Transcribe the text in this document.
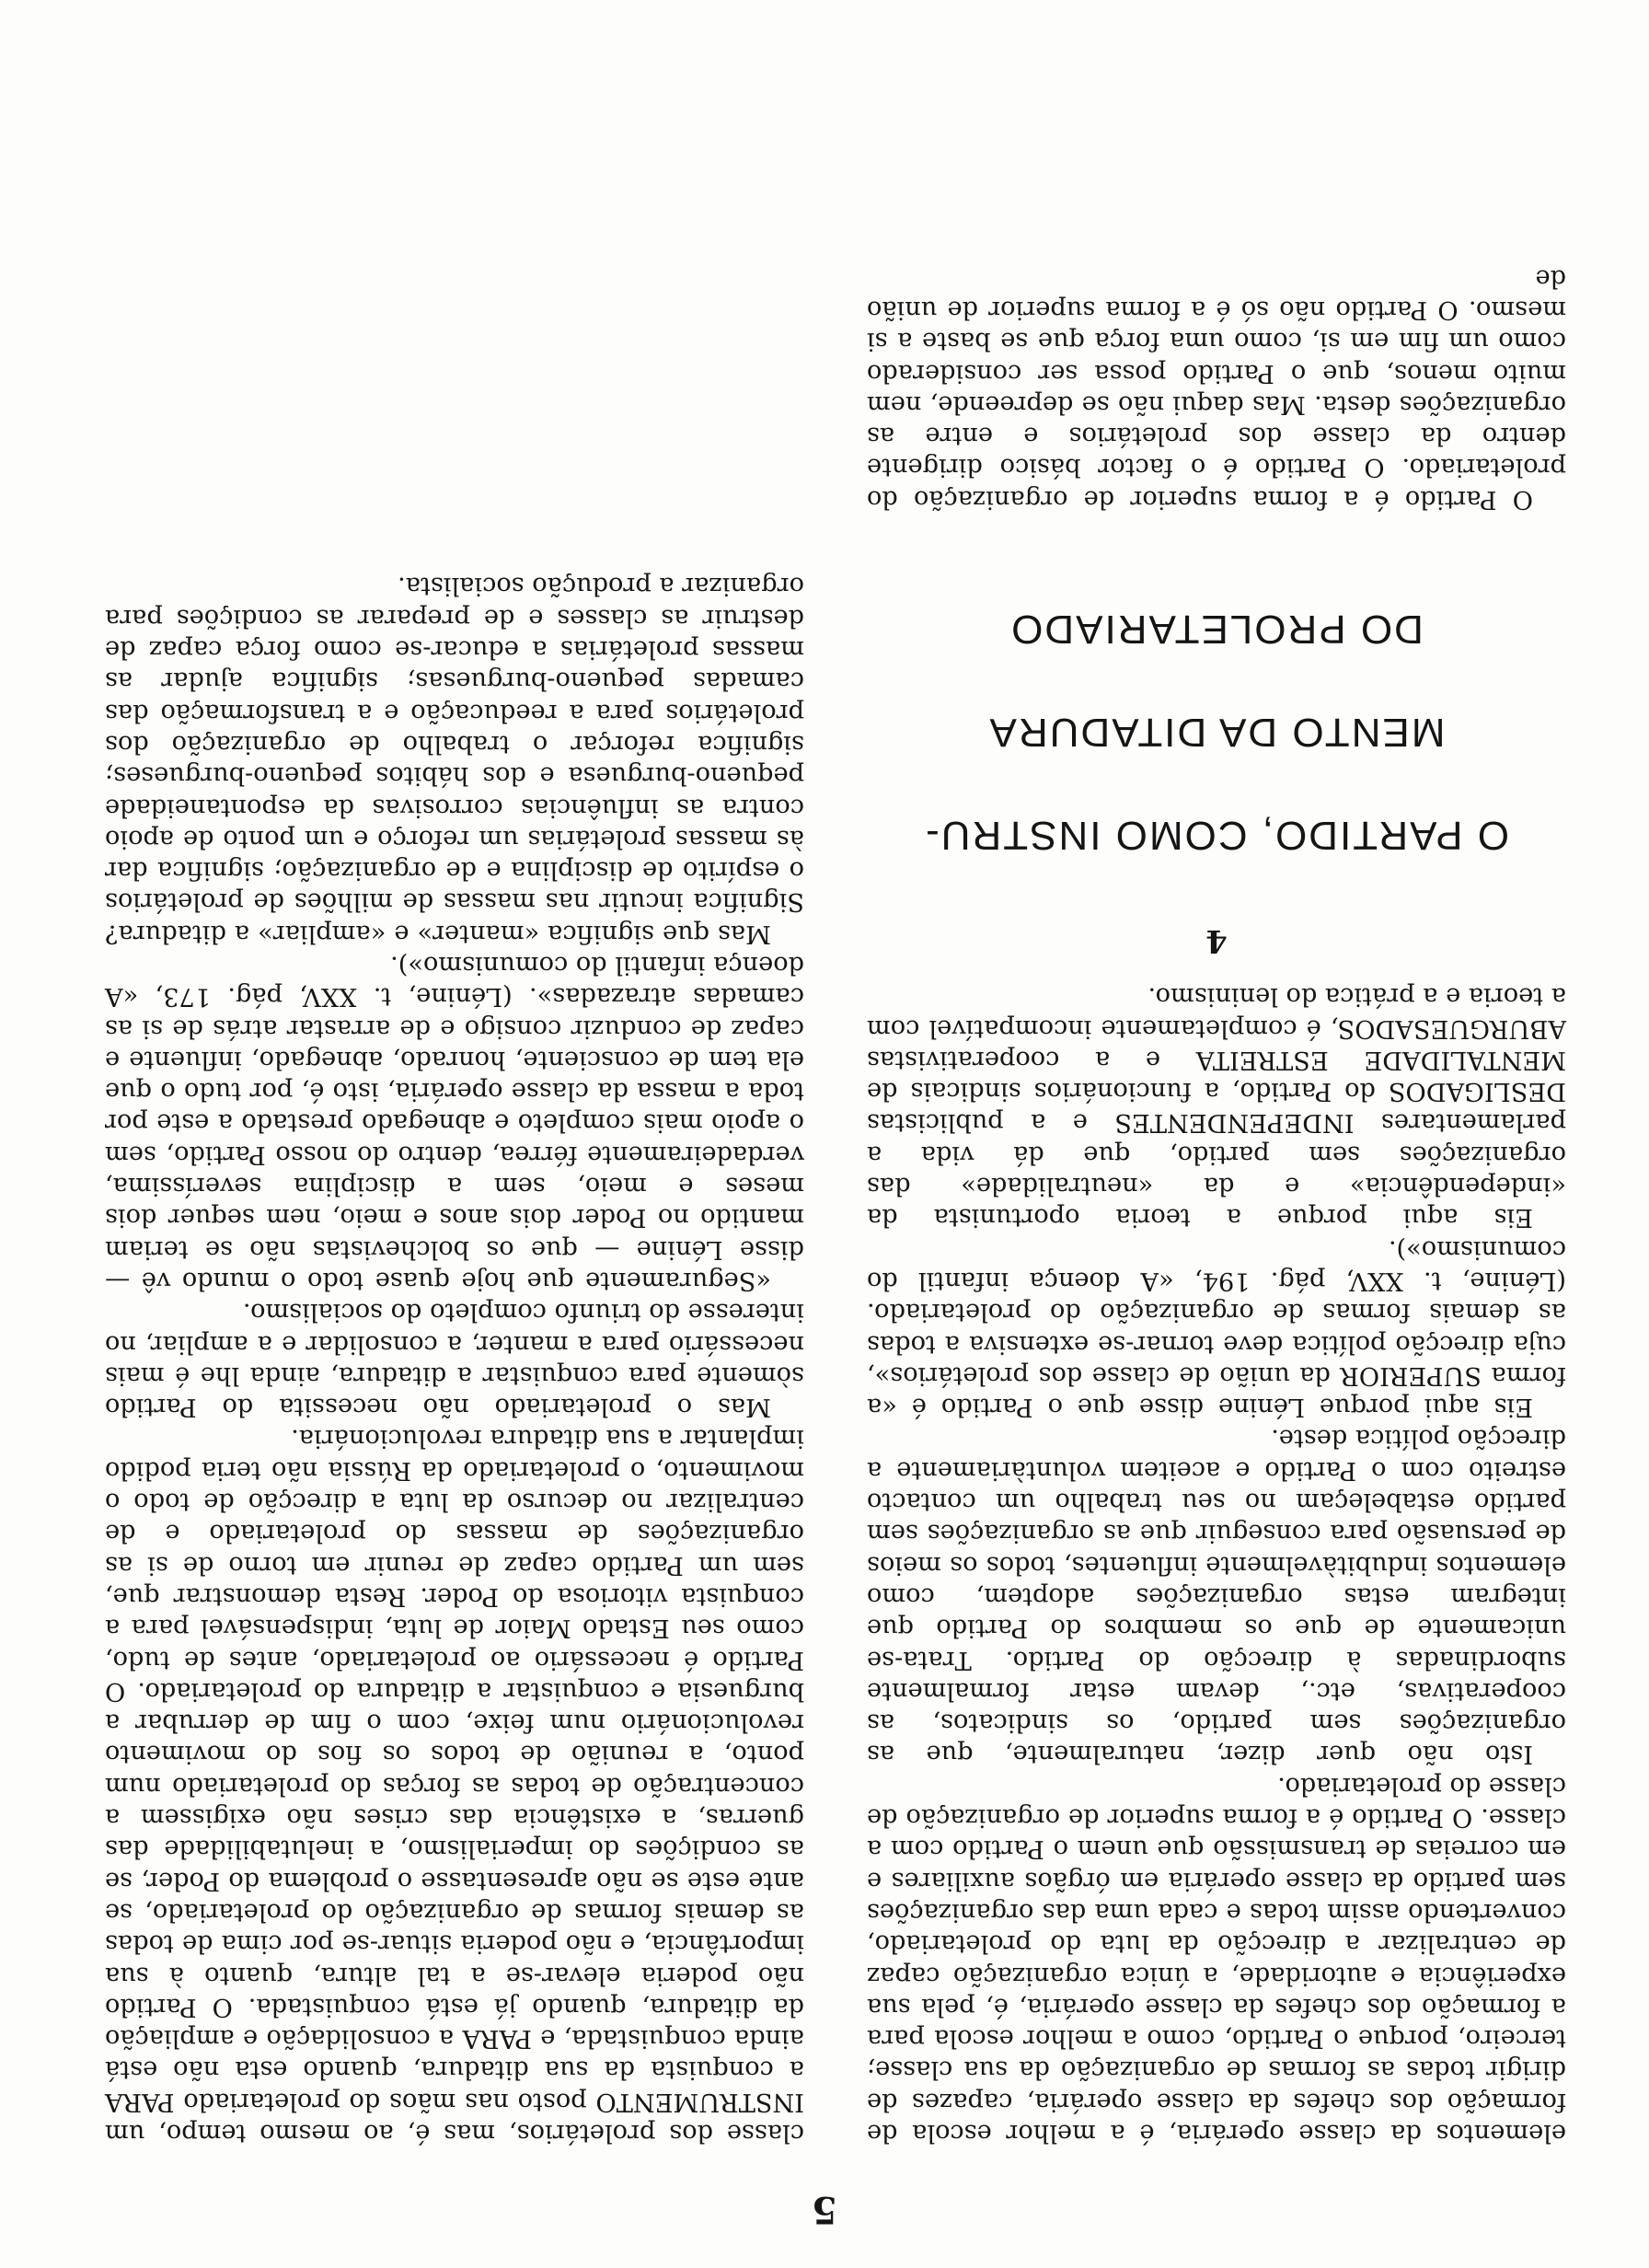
elementos da classe operária, é a melhor escola de formação dos chefes da classe operária, capazes de dirigir todas as formas de organização da sua classe; terceiro, porque o Partido, como a melhor escola para a formação dos chefes da classe operária, é, pela sua experiência e autoridade, a única organização capaz de centralizar a direcção da luta do proletariado, convertendo assim todas e cada uma das organizações sem partido da classe operária em órgãos auxiliares e em correias de transmissão que unem o Partido com a classe. O Partido é a forma superior de organização de classe do proletariado.

Isto não quer dizer, naturalmente, que as organizações sem partido, os sindicatos, as cooperativas, etc., devam estar formalmente subordinadas à direcção do Partido. Trata-se unicamente de que os membros do Partido que integram estas organizações adoptem, como elementos indubitàvelmente influentes, todos os meios de persuasão para conseguir que as organizações sem partido estabeleçam no seu trabalho um contacto estreito com o Partido e aceitem voluntàriamente a direcção política deste.

Eis aqui porque Lénine disse que o Partido é «a forma SUPERIOR da união de classe dos proletários», cuja direcção política deve tornar-se extensiva a todas as demais formas de organização do proletariado. (Lénine, t. XXV, pág. 194, «A doença infantil do comunismo»).

Eis aqui porque a teoria oportunista da «independência» e da «neutralidade» das organizações sem partido, que dá vida a parlamentares INDEPENDENTES e a publicistas DESLIGADOS do Partido, a funcionários sindicais de MENTALIDADE ESTREITA e a cooperativistas ABURGUESADOS, é completamente incompatível com a teoria e a prática do leninismo.

4

O PARTIDO, COMO INSTRU-

MENTO DA DITADURA

DO PROLETARIADO

O Partido é a forma superior de organização do proletariado. O Partido é o factor básico dirigente dentro da classe dos proletários e entre as organizações desta. Mas daqui não se depreende, nem muito menos, que o Partido possa ser considerado como um fim em si, como uma força que se baste a si mesmo. O Partido não só é a forma superior de união de

classe dos proletários, mas é, ao mesmo tempo, um INSTRUMENTO posto nas mãos do proletariado PARA a conquista da sua ditadura, quando esta não está ainda conquistada, e PARA a consolidação e ampliação da ditadura, quando já está conquistada. O Partido não poderia elevar-se a tal altura, quanto à sua importância, e não poderia situar-se por cima de todas as demais formas de organização do proletariado, se ante este se não apresentasse o problema do Poder, se as condições do imperialismo, a inelutabilidade das guerras, a existência das crises não exigissem a concentração de todas as forças do proletariado num ponto, a reunião de todos os fios do movimento revolucionário num feixe, com o fim de derrubar a burguesia e conquistar a ditadura do proletariado. O Partido é necessário ao proletariado, antes de tudo, como seu Estado Maior de luta, indispensável para a conquista vitoriosa do Poder. Resta demonstrar que, sem um Partido capaz de reunir em torno de si as organizações de massas do proletariado e de centralizar no decurso da luta a direcção de todo o movimento, o proletariado da Rússia não teria podido implantar a sua ditadura revolucionária.

Mas o proletariado não necessita do Partido sòmente para conquistar a ditadura, ainda lhe é mais necessário para a manter, a consolidar e a ampliar, no interesse do triunfo completo do socialismo.

«Seguramente que hoje quase todo o mundo vê — disse Lénine — que os bolchevistas não se teriam mantido no Poder dois anos e meio, nem sequer dois meses e meio, sem a disciplina severíssima, verdadeiramente férrea, dentro do nosso Partido, sem o apoio mais completo e abnegado prestado a este por toda a massa da classe operária, isto é, por tudo o que ela tem de consciente, honrado, abnegado, influente e capaz de conduzir consigo e de arrastar atrás de si as camadas atrazadas». (Lénine, t. XXV, pág. 173, «A doença infantil do comunismo»).

Mas que significa «manter» e «ampliar» a ditadura? Significa incutir nas massas de milhões de proletários o espírito de disciplina e de organização; significa dar às massas proletárias um reforço e um ponto de apoio contra as influências corrosivas da espontaneidade pequeno-burguesa e dos hábitos pequeno-burgueses; significa reforçar o trabalho de organização dos proletários para a reeducação e a transformação das camadas pequeno-burguesas; significa ajudar as massas proletárias a educar-se como força capaz de destruir as classes e de preparar as condições para organizar a produção socialista.

5
